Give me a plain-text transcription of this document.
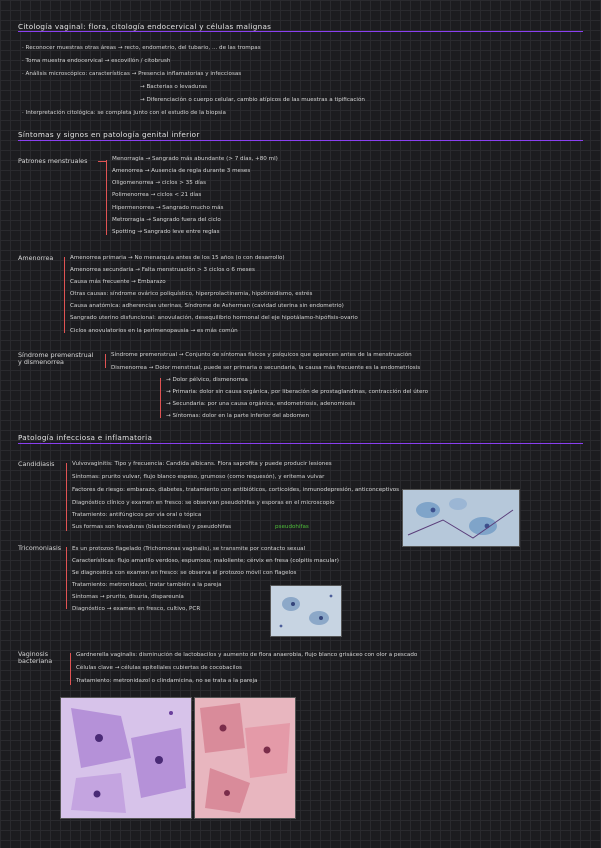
Citología vaginal: flora, citología endocervical y células malignas
· Reconocer muestras otras áreas → recto, endometrio, del tubario, ... de las trompas
· Toma muestra endocervical → escovillón / citobrush
· Análisis microscópico: características → Presencia inflamatorias y infecciosas
→ Bacterias o levaduras
→ Diferenciación o cuerpo celular, cambio atípicos de las muestras a tipificación
· Interpretación citológica: se completa junto con el estudio de la biopsia
Síntomas y signos en patología genital inferior
Patrones menstruales	Menorragia → Sangrado más abundante (> 7 días, +80 ml)
Amenorrea → Ausencia de regla durante 3 meses
Oligomenorrea → ciclos > 35 días
Polimenorrea → ciclos < 21 días
Hipermenorrea → Sangrado mucho más
Metrorragia → Sangrado fuera del ciclo
Spotting → Sangrado leve entre reglas
Amenorrea	Amenorrea primaria → No menarquia antes de los 15 años (o con desarrollo)
Amenorrea secundaria → Falta menstruación > 3 ciclos o 6 meses
Causa más frecuente → Embarazo
Otras causas: síndrome ovárico poliquístico, hiperprolactinemia, hipotiroidismo, estrés
Causa anatómica: adherencias uterinas, Síndrome de Asherman (cavidad uterina sin endometrio)
Sangrado uterino disfuncional: anovulación, desequilibrio hormonal del eje hipotálamo-hipófisis-ovario
Ciclos anovulatorios en la perimenopausia → es más común
Síndrome premenstrual y dismenorrea
Síndrome premenstrual → Conjunto de síntomas físicos y psíquicos que aparecen antes de la menstruación
Dismenorrea → Dolor menstrual, puede ser primaria o secundaria, la causa más frecuente es la endometriosis
→ Dolor pélvico, dismenorrea
→ Primaria: dolor sin causa orgánica, por liberación de prostaglandinas, contracción del útero
→ Secundaria: por una causa orgánica, endometriosis, adenomiosis
→ Síntomas: dolor en la parte inferior del abdomen
Patología infecciosa e inflamatoria
Candidiasis	Vulvovaginitis: Tipo y frecuencia: Candida albicans. Flora saprofita y puede producir lesiones
Síntomas: prurito vulvar, flujo blanco espeso, grumoso (como requesón), y eritema vulvar
Factores de riesgo: embarazo, diabetes, tratamiento con antibióticos, corticoides, inmunodepresión, anticonceptivos
Diagnóstico clínico y examen en fresco: se observan pseudohifas y esporas en el microscopio
Tratamiento: antifúngicos por vía oral o tópica
Sus formas son levaduras (blastoconidias) y pseudohifas	pseudohifas
Tricomoniasis Es un protozoo flagelado (Trichomonas vaginalis), se transmite por contacto sexual
Características: flujo amarillo verdoso, espumoso, maloliente; cérvix en fresa (colpitis macular)
Se diagnostica con examen en fresco: se observa el protozoo móvil con flagelos
Tratamiento: metronidazol, tratar también a la pareja
Síntomas → prurito, disuria, dispareunia
Diagnóstico → examen en fresco, cultivo, PCR
Vaginosis bacteriana
Gardnerella vaginalis: disminución de lactobacilos y aumento de flora anaerobia, flujo blanco grisáceo con olor a pescado
Células clave → células epiteliales cubiertas de cocobacilos
Tratamiento: metronidazol o clindamicina, no se trata a la pareja
